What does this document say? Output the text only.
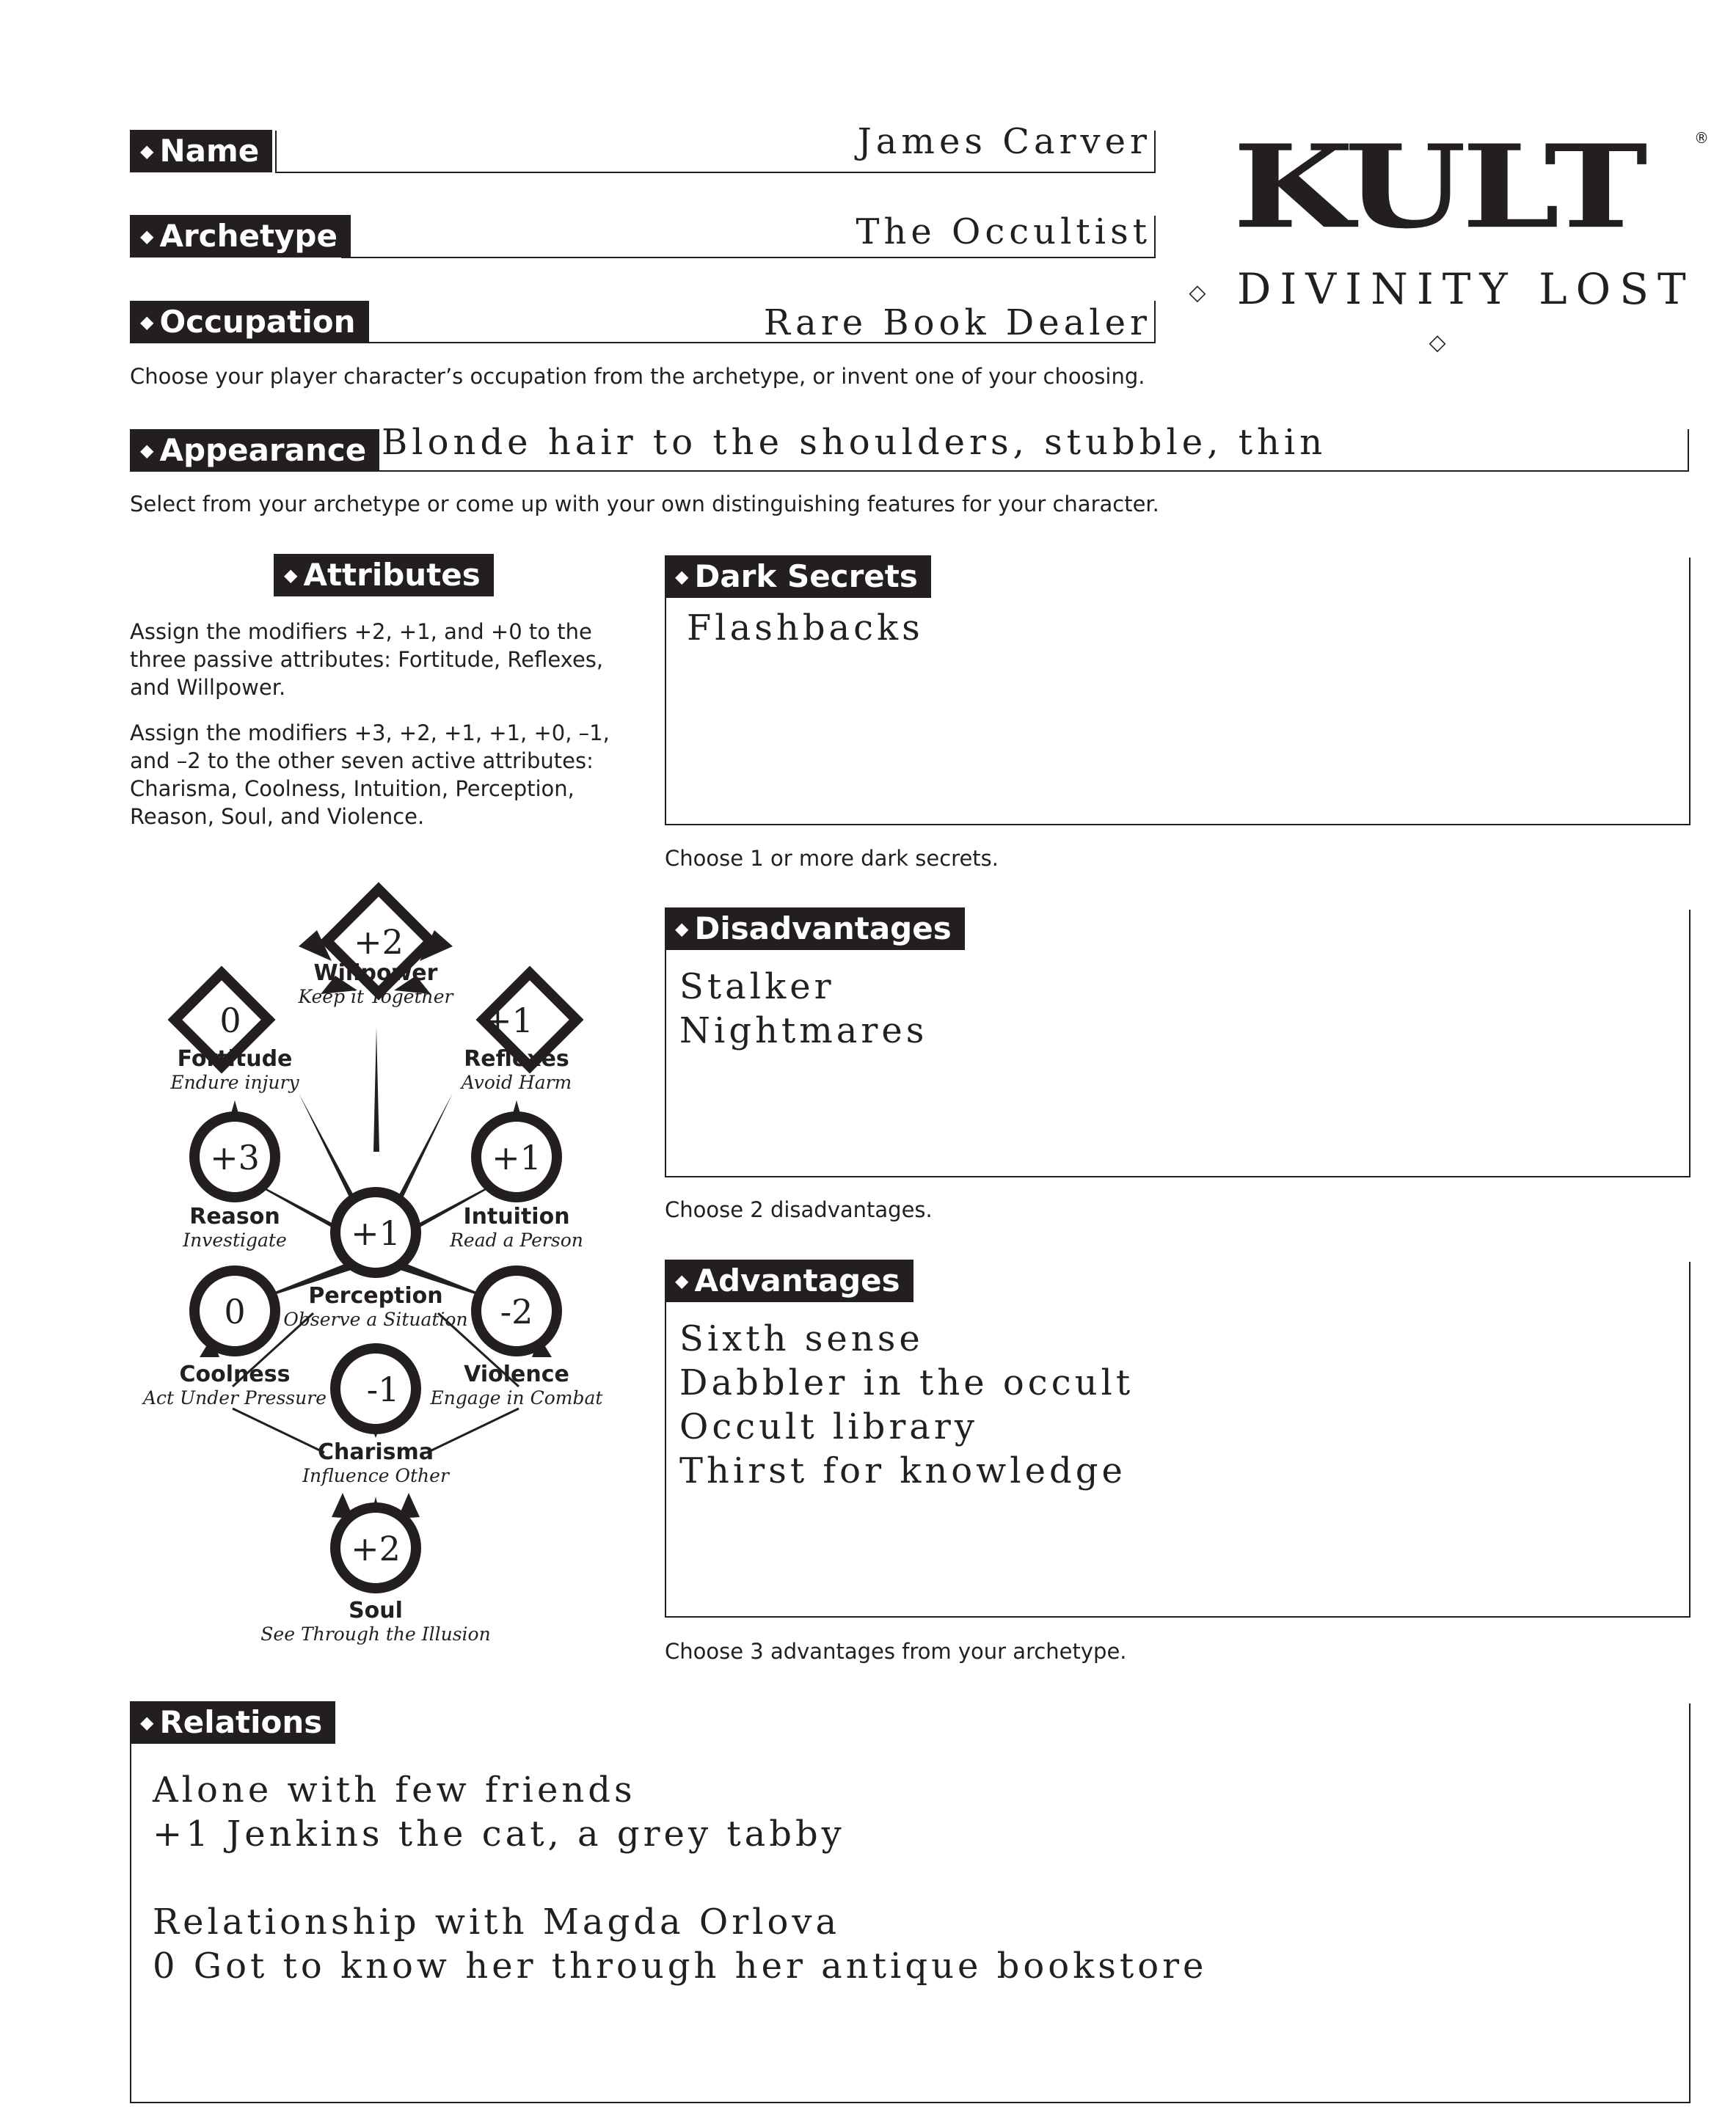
◆ Name	James Carver
◆ Archetype	The Occultist
◆ Occupation	Rare Book Dealer
Choose your player character’s occupation from the archetype, or invent one of your choosing.
KULT	®
◇ DIVINITY LOST ◇
◆ Appearance Blonde hair to the shoulders, stubble, thin
Select from your archetype or come up with your own distinguishing features for your character.
◆ Attributes
Assign the modifiers +2, +1, and +0 to the three passive attributes: Fortitude, Reflexes, and Willpower.
Assign the modifiers +3, +2, +1, +1, +0, –1, and –2 to the other seven active attributes: Charisma, Coolness, Intuition, Perception, Reason, Soul, and Violence.
+2
0	+1
Willpower
Keep it Together
Fortitude
Endure injury
Reflexes
Avoid Harm
+3	+1
+1
0	-2
-1
+2
Reason
Investigate
Intuition
Read a Person
Perception
Observe a Situation
Coolness
Act Under Pressure
Violence
Engage in Combat
Charisma
Influence Other
Soul
See Through the Illusion
◆ Dark Secrets
Flashbacks
Choose 1 or more dark secrets.
◆ Disadvantages
Stalker
Nightmares
Choose 2 disadvantages.
◆ Advantages
Sixth sense
Dabbler in the occult
Occult library
Thirst for knowledge
Choose 3 advantages from your archetype.
◆ Relations
Alone with few friends
+1 Jenkins the cat, a grey tabby

Relationship with Magda Orlova
0 Got to know her through her antique bookstore
